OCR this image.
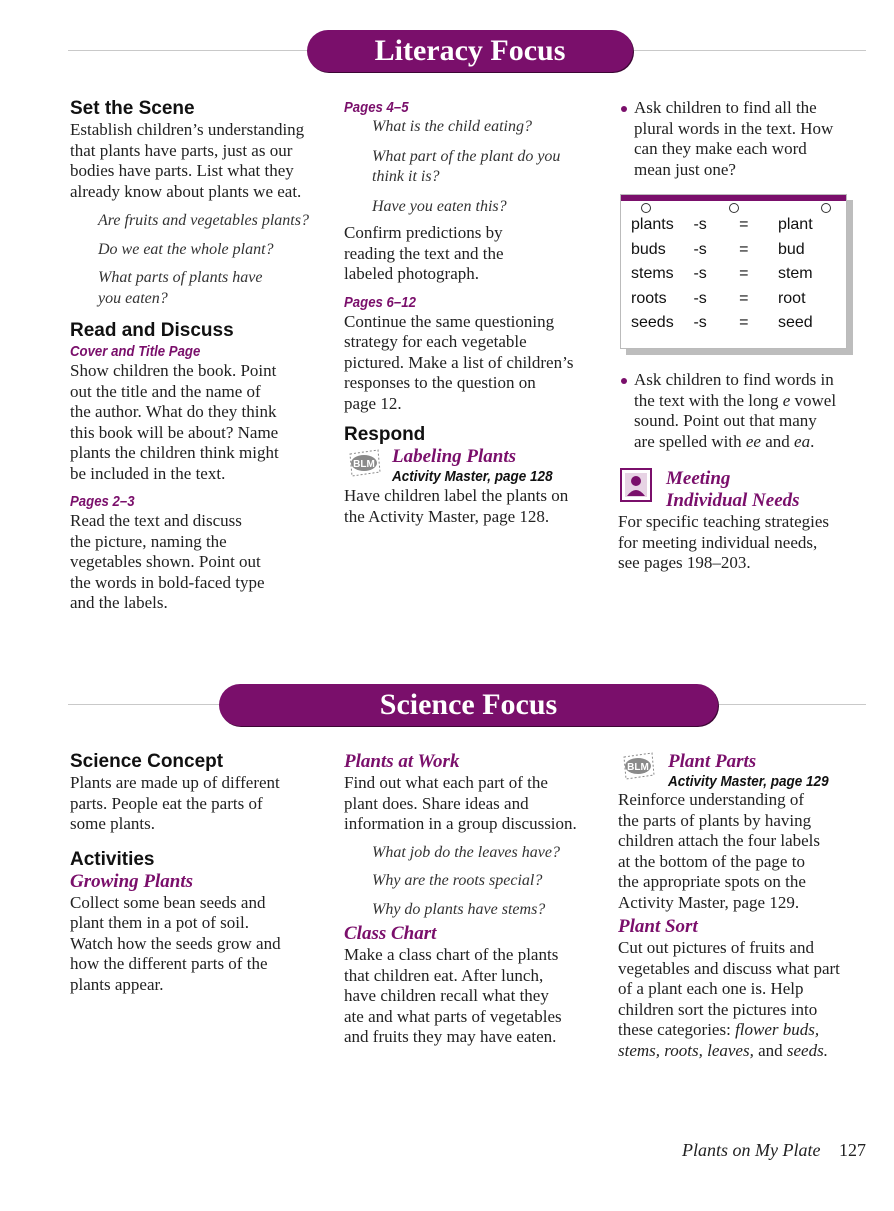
Literacy Focus
Set the Scene
Establish children’s understanding
that plants have parts, just as our
bodies have parts. List what they
already know about plants we eat.
Are fruits and vegetables plants?
Do we eat the whole plant?
What parts of plants have
you eaten?
Read and Discuss
Cover and Title Page
Show children the book. Point
out the title and the name of
the author. What do they think
this book will be about? Name
plants the children think might
be included in the text.
Pages 2–3
Read the text and discuss
the picture, naming the
vegetables shown. Point out
the words in bold-faced type
and the labels.
Pages 4–5
What is the child eating?
What part of the plant do you
think it is?
Have you eaten this?
Confirm predictions by
reading the text and the
labeled photograph.
Pages 6–12
Continue the same questioning
strategy for each vegetable
pictured. Make a list of children’s
responses to the question on
page 12.
Respond
BLM Labeling Plants
Activity Master, page 128
Have children label the plants on
the Activity Master, page 128.
Ask children to find all the
plural words in the text. How
can they make each word
mean just one?
plants	-s	=	plant
buds	-s	=	bud
stems	-s	=	stem
roots	-s	=	root
seeds	-s	=	seed
Ask children to find words in
the text with the long e vowel
sound. Point out that many
are spelled with ee and ea.
Meeting
Individual Needs
For specific teaching strategies
for meeting individual needs,
see pages 198–203.
Science Focus
Science Concept
Plants are made up of different
parts. People eat the parts of
some plants.
Activities
Growing Plants
Collect some bean seeds and
plant them in a pot of soil.
Watch how the seeds grow and
how the different parts of the
plants appear.
Plants at Work
Find out what each part of the
plant does. Share ideas and
information in a group discussion.
What job do the leaves have?
Why are the roots special?
Why do plants have stems?
Class Chart
Make a class chart of the plants
that children eat. After lunch,
have children recall what they
ate and what parts of vegetables
and fruits they may have eaten.
BLM Plant Parts
Activity Master, page 129
Reinforce understanding of
the parts of plants by having
children attach the four labels
at the bottom of the page to
the appropriate spots on the
Activity Master, page 129.
Plant Sort
Cut out pictures of fruits and
vegetables and discuss what part
of a plant each one is. Help
children sort the pictures into
these categories: flower buds,
stems, roots, leaves, and seeds.
Plants on My Plate 127
